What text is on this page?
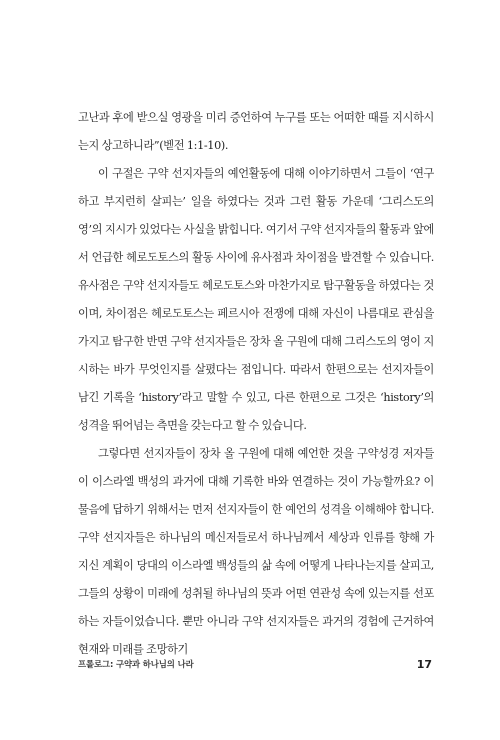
고난과 후에 받으실 영광을 미리 증언하여 누구를 또는 어떠한 때를 지시하시는지 상고하니라”(벧전 1:1-10).

이 구절은 구약 선지자들의 예언활동에 대해 이야기하면서 그들이 ‘연구하고 부지런히 살피는’ 일을 하였다는 것과 그런 활동 가운데 ‘그리스도의 영’의 지시가 있었다는 사실을 밝힙니다. 여기서 구약 선지자들의 활동과 앞에서 언급한 헤로도토스의 활동 사이에 유사점과 차이점을 발견할 수 있습니다. 유사점은 구약 선지자들도 헤로도토스와 마찬가지로 탐구활동을 하였다는 것이며, 차이점은 헤로도토스는 페르시아 전쟁에 대해 자신이 나름대로 관심을 가지고 탐구한 반면 구약 선지자들은 장차 올 구원에 대해 그리스도의 영이 지시하는 바가 무엇인지를 살폈다는 점입니다. 따라서 한편으로는 선지자들이 남긴 기록을 ‘history’라고 말할 수 있고, 다른 한편으로 그것은 ‘history’의 성격을 뛰어넘는 측면을 갖는다고 할 수 있습니다.

그렇다면 선지자들이 장차 올 구원에 대해 예언한 것을 구약성경 저자들이 이스라엘 백성의 과거에 대해 기록한 바와 연결하는 것이 가능할까요? 이 물음에 답하기 위해서는 먼저 선지자들이 한 예언의 성격을 이해해야 합니다. 구약 선지자들은 하나님의 메신저들로서 하나님께서 세상과 인류를 향해 가지신 계획이 당대의 이스라엘 백성들의 삶 속에 어떻게 나타나는지를 살피고, 그들의 상황이 미래에 성취될 하나님의 뜻과 어떤 연관성 속에 있는지를 선포하는 자들이었습니다. 뿐만 아니라 구약 선지자들은 과거의 경험에 근거하여 현재와 미래를 조망하기

프롤로그: 구약과 하나님의 나라	17
